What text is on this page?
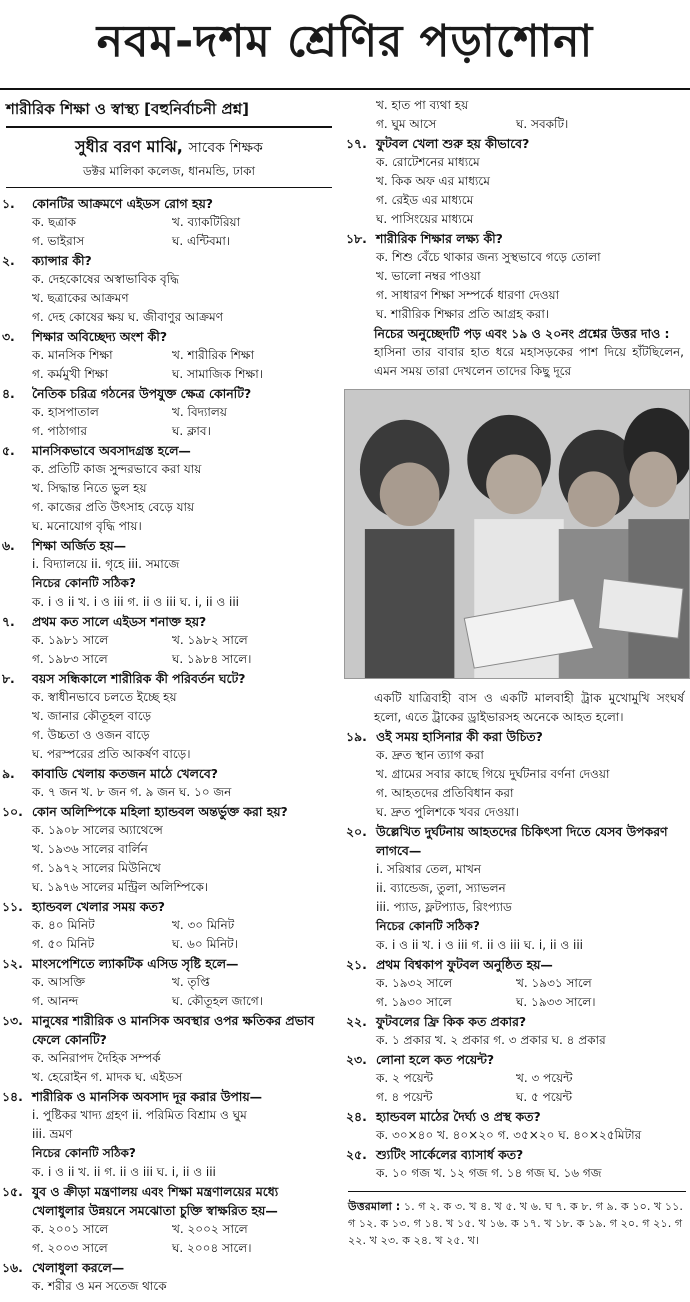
নবম-দশম শ্রেণির পড়াশোনা
শারীরিক শিক্ষা ও স্বাস্থ্য [বহুনির্বাচনী প্রশ্ন]
সুধীর বরণ মাঝি, সাবেক শিক্ষক
ডক্টর মালিকা কলেজ, ধানমন্ডি, ঢাকা
১.	কোনটির আক্রমণে এইডস রোগ হয়?
ক. ছত্রাক	খ. ব্যাকটিরিয়া
গ. ভাইরাস	ঘ. এন্টিবমা।
২.	ক্যান্সার কী?
ক. দেহকোষের অস্বাভাবিক বৃদ্ধি
খ. ছত্রাকের আক্রমণ
গ. দেহ কোষের ক্ষয় ঘ. জীবাণুর আক্রমণ
৩.	শিক্ষার অবিচ্ছেদ্য অংশ কী?
ক. মানসিক শিক্ষা	খ. শারীরিক শিক্ষা
গ. কর্মমুখী শিক্ষা	ঘ. সামাজিক শিক্ষা।
৪.	নৈতিক চরিত্র গঠনের উপযুক্ত ক্ষেত্র কোনটি?
ক. হাসপাতাল	খ. বিদ্যালয়
গ. পাঠাগার	ঘ. ক্লাব।
৫.	মানসিকভাবে অবসাদগ্রস্ত হলে—
ক. প্রতিটি কাজ সুন্দরভাবে করা যায়
খ. সিদ্ধান্ত নিতে ভুল হয়
গ. কাজের প্রতি উৎসাহ বেড়ে যায়
ঘ. মনোযোগ বৃদ্ধি পায়।
৬.	শিক্ষা অর্জিত হয়—
i. বিদ্যালয়ে ii. গৃহে iii. সমাজে
নিচের কোনটি সঠিক?
ক. i ও ii খ. i ও iii গ. ii ও iii ঘ. i, ii ও iii
৭.	প্রথম কত সালে এইডস শনাক্ত হয়?
ক. ১৯৮১ সালে	খ. ১৯৮২ সালে
গ. ১৯৮৩ সালে	ঘ. ১৯৮৪ সালে।
৮.	বয়স সন্ধিকালে শারীরিক কী পরিবর্তন ঘটে?
ক. স্বাধীনভাবে চলতে ইচ্ছে হয়
খ. জানার কৌতূহল বাড়ে
গ. উচ্চতা ও ওজন বাড়ে
ঘ. পরস্পরের প্রতি আকর্ষণ বাড়ে।
৯.	কাবাডি খেলায় কতজন মাঠে খেলবে?
ক. ৭ জন খ. ৮ জন গ. ৯ জন ঘ. ১০ জন
১০. কোন অলিম্পিকে মহিলা হ্যান্ডবল অন্তর্ভুক্ত করা হয়?
ক. ১৯০৮ সালের অ্যাথেন্সে
খ. ১৯৩৬ সালের বার্লিন
গ. ১৯৭২ সালের মিউনিখে
ঘ. ১৯৭৬ সালের মন্ট্রিল অলিম্পিকে।
১১. হ্যান্ডবল খেলার সময় কত?
ক. ৪০ মিনিট	খ. ৩০ মিনিট
গ. ৫০ মিনিট	ঘ. ৬০ মিনিট।
১২. মাংসপেশিতে ল্যাকটিক এসিড সৃষ্টি হলে—
ক. আসক্তি	খ. তৃপ্তি
গ. আনন্দ	ঘ. কৌতূহল জাগে।
১৩. মানুষের শারীরিক ও মানসিক অবস্থার ওপর ক্ষতিকর প্রভাব ফেলে কোনটি?
ক. অনিরাপদ দৈহিক সম্পর্ক
খ. হেরোইন গ. মাদক ঘ. এইডস
১৪. শারীরিক ও মানসিক অবসাদ দূর করার উপায়—
i. পুষ্টিকর খাদ্য গ্রহণ ii. পরিমিত বিশ্রাম ও ঘুম
iii. ভ্রমণ
নিচের কোনটি সঠিক?
ক. i ও ii খ. ii গ. ii ও iii ঘ. i, ii ও iii
১৫. যুব ও ক্রীড়া মন্ত্রণালয় এবং শিক্ষা মন্ত্রণালয়ের মধ্যে খেলাধুলার উন্নয়নে সমঝোতা চুক্তি স্বাক্ষরিত হয়—
ক. ২০০১ সালে	খ. ২০০২ সালে
গ. ২০০৩ সালে	ঘ. ২০০৪ সালে।
১৬. খেলাধুলা করলে—
ক. শরীর ও মন সতেজ থাকে
খ. হাত পা ব্যথা হয়
গ. ঘুম আসে	ঘ. সবকটি।
১৭. ফুটবল খেলা শুরু হয় কীভাবে?
ক. রোটেশনের মাধ্যমে
খ. কিক অফ এর মাধ্যমে
গ. রেইড এর মাধ্যমে
ঘ. পাসিংয়ের মাধ্যমে
১৮. শারীরিক শিক্ষার লক্ষ্য কী?
ক. শিশু বেঁচে থাকার জন্য সুস্থভাবে গড়ে তোলা
খ. ভালো নম্বর পাওয়া
গ. সাধারণ শিক্ষা সম্পর্কে ধারণা দেওয়া
ঘ. শারীরিক শিক্ষার প্রতি আগ্রহ করা।
নিচের অনুচ্ছেদটি পড় এবং ১৯ ও ২০নং প্রশ্নের উত্তর দাও :
হাসিনা তার বাবার হাত ধরে মহাসড়কের পাশ দিয়ে হাঁটছিলেন, এমন সময় তারা দেখলেন তাদের কিছু দূরে
একটি যাত্রিবাহী বাস ও একটি মালবাহী ট্রাক মুখোমুখি সংঘর্ষ হলো, এতে ট্রাকের ড্রাইভারসহ অনেকে আহত হলো।
১৯. ওই সময় হাসিনার কী করা উচিত?
ক. দ্রুত স্থান ত্যাগ করা
খ. গ্রামের সবার কাছে গিয়ে দুর্ঘটনার বর্ণনা দেওয়া
গ. আহতদের প্রতিবিধান করা
ঘ. দ্রুত পুলিশকে খবর দেওয়া।
২০. উল্লেখিত দুর্ঘটনায় আহতদের চিকিৎসা দিতে যেসব উপকরণ লাগবে—
i. সরিষার তেল, মাখন
ii. ব্যান্ডেজ, তুলা, স্যাভলন
iii. প্যাড, ফ্লটপ্যাড, রিংপ্যাড
নিচের কোনটি সঠিক?
ক. i ও ii খ. i ও iii গ. ii ও iii ঘ. i, ii ও iii
২১. প্রথম বিশ্বকাপ ফুটবল অনুষ্ঠিত হয়—
ক. ১৯৩২ সালে	খ. ১৯৩১ সালে
গ. ১৯৩০ সালে	ঘ. ১৯৩৩ সালে।
২২. ফুটবলের ফ্রি কিক কত প্রকার?
ক. ১ প্রকার খ. ২ প্রকার গ. ৩ প্রকার ঘ. ৪ প্রকার
২৩. লোনা হলে কত পয়েন্ট?
ক. ২ পয়েন্ট	খ. ৩ পয়েন্ট
গ. ৪ পয়েন্ট	ঘ. ৫ পয়েন্ট
২৪. হ্যান্ডবল মাঠের দৈর্ঘ্য ও প্রস্থ কত?
ক. ৩০×৪০ খ. ৪০×২০ গ. ৩৫×২০ ঘ. ৪০×২৫মিটার
২৫. শ্যুটিং সার্কেলের ব্যাসার্ধ কত?
ক. ১০ গজ খ. ১২ গজ গ. ১৪ গজ ঘ. ১৬ গজ
উত্তরমালা : ১. গ ২. ক ৩. খ ৪. খ ৫. খ ৬. ঘ ৭. ক ৮. গ ৯. ক ১০. খ ১১. গ ১২. ক ১৩. গ ১৪. খ ১৫. খ ১৬. ক ১৭. খ ১৮. ক ১৯. গ ২০. গ ২১. গ ২২. খ ২৩. ক ২৪. খ ২৫. খ।
